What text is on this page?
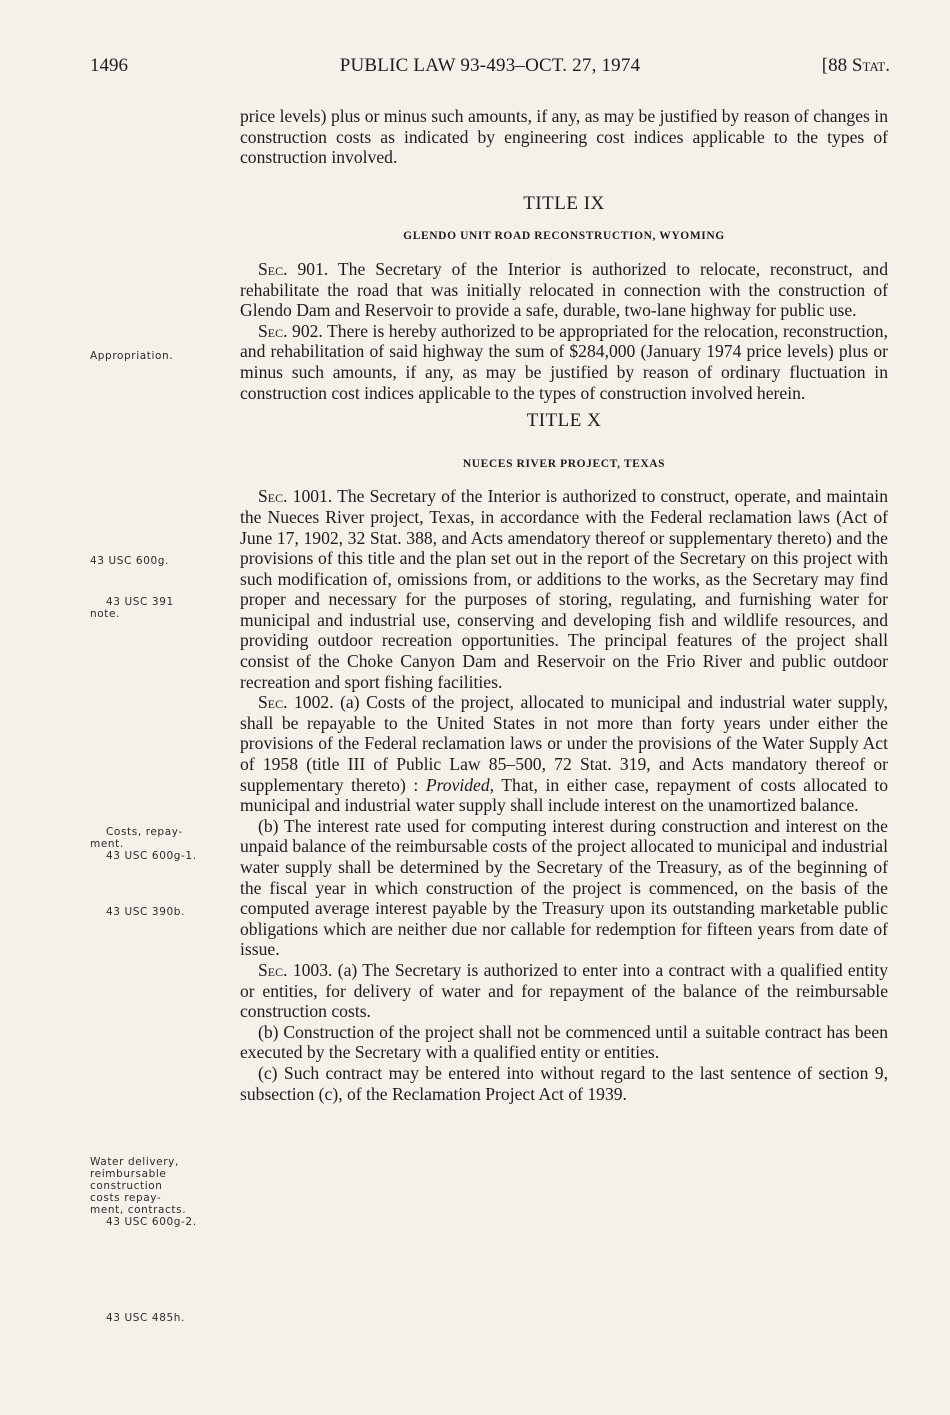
PUBLIC LAW 93-493–OCT. 27, 1974
1496	[88 Stat.
Appropriation.
43 USC 600g.
43 USC 391
note.
Costs, repay-
ment.
43 USC 600g-1.
43 USC 390b.
Water delivery,
reimbursable
construction
costs repay-
ment, contracts.
43 USC 600g-2.
43 USC 485h.

price levels) plus or minus such amounts, if any, as may be justified by reason of changes in construction costs as indicated by engineering cost indices applicable to the types of construction involved.

TITLE IX
GLENDO UNIT ROAD RECONSTRUCTION, WYOMING

Sec. 901. The Secretary of the Interior is authorized to relocate, reconstruct, and rehabilitate the road that was initially relocated in connection with the construction of Glendo Dam and Reservoir to provide a safe, durable, two-lane highway for public use.

Sec. 902. There is hereby authorized to be appropriated for the relocation, reconstruction, and rehabilitation of said highway the sum of $284,000 (January 1974 price levels) plus or minus such amounts, if any, as may be justified by reason of ordinary fluctuation in construction cost indices applicable to the types of construction involved herein.

TITLE X
NUECES RIVER PROJECT, TEXAS

Sec. 1001. The Secretary of the Interior is authorized to construct, operate, and maintain the Nueces River project, Texas, in accordance with the Federal reclamation laws (Act of June 17, 1902, 32 Stat. 388, and Acts amendatory thereof or supplementary thereto) and the provisions of this title and the plan set out in the report of the Secretary on this project with such modification of, omissions from, or additions to the works, as the Secretary may find proper and necessary for the purposes of storing, regulating, and furnishing water for municipal and industrial use, conserving and developing fish and wildlife resources, and providing outdoor recreation opportunities. The principal features of the project shall consist of the Choke Canyon Dam and Reservoir on the Frio River and public outdoor recreation and sport fishing facilities.

Sec. 1002. (a) Costs of the project, allocated to municipal and industrial water supply, shall be repayable to the United States in not more than forty years under either the provisions of the Federal reclamation laws or under the provisions of the Water Supply Act of 1958 (title III of Public Law 85–500, 72 Stat. 319, and Acts mandatory thereof or supplementary thereto) : Provided, That, in either case, repayment of costs allocated to municipal and industrial water supply shall include interest on the unamortized balance.

(b) The interest rate used for computing interest during construction and interest on the unpaid balance of the reimbursable costs of the project allocated to municipal and industrial water supply shall be determined by the Secretary of the Treasury, as of the beginning of the fiscal year in which construction of the project is commenced, on the basis of the computed average interest payable by the Treasury upon its outstanding marketable public obligations which are neither due nor callable for redemption for fifteen years from date of issue.

Sec. 1003. (a) The Secretary is authorized to enter into a contract with a qualified entity or entities, for delivery of water and for repayment of the balance of the reimbursable construction costs.

(b) Construction of the project shall not be commenced until a suitable contract has been executed by the Secretary with a qualified entity or entities.

(c) Such contract may be entered into without regard to the last sentence of section 9, subsection (c), of the Reclamation Project Act of 1939.
